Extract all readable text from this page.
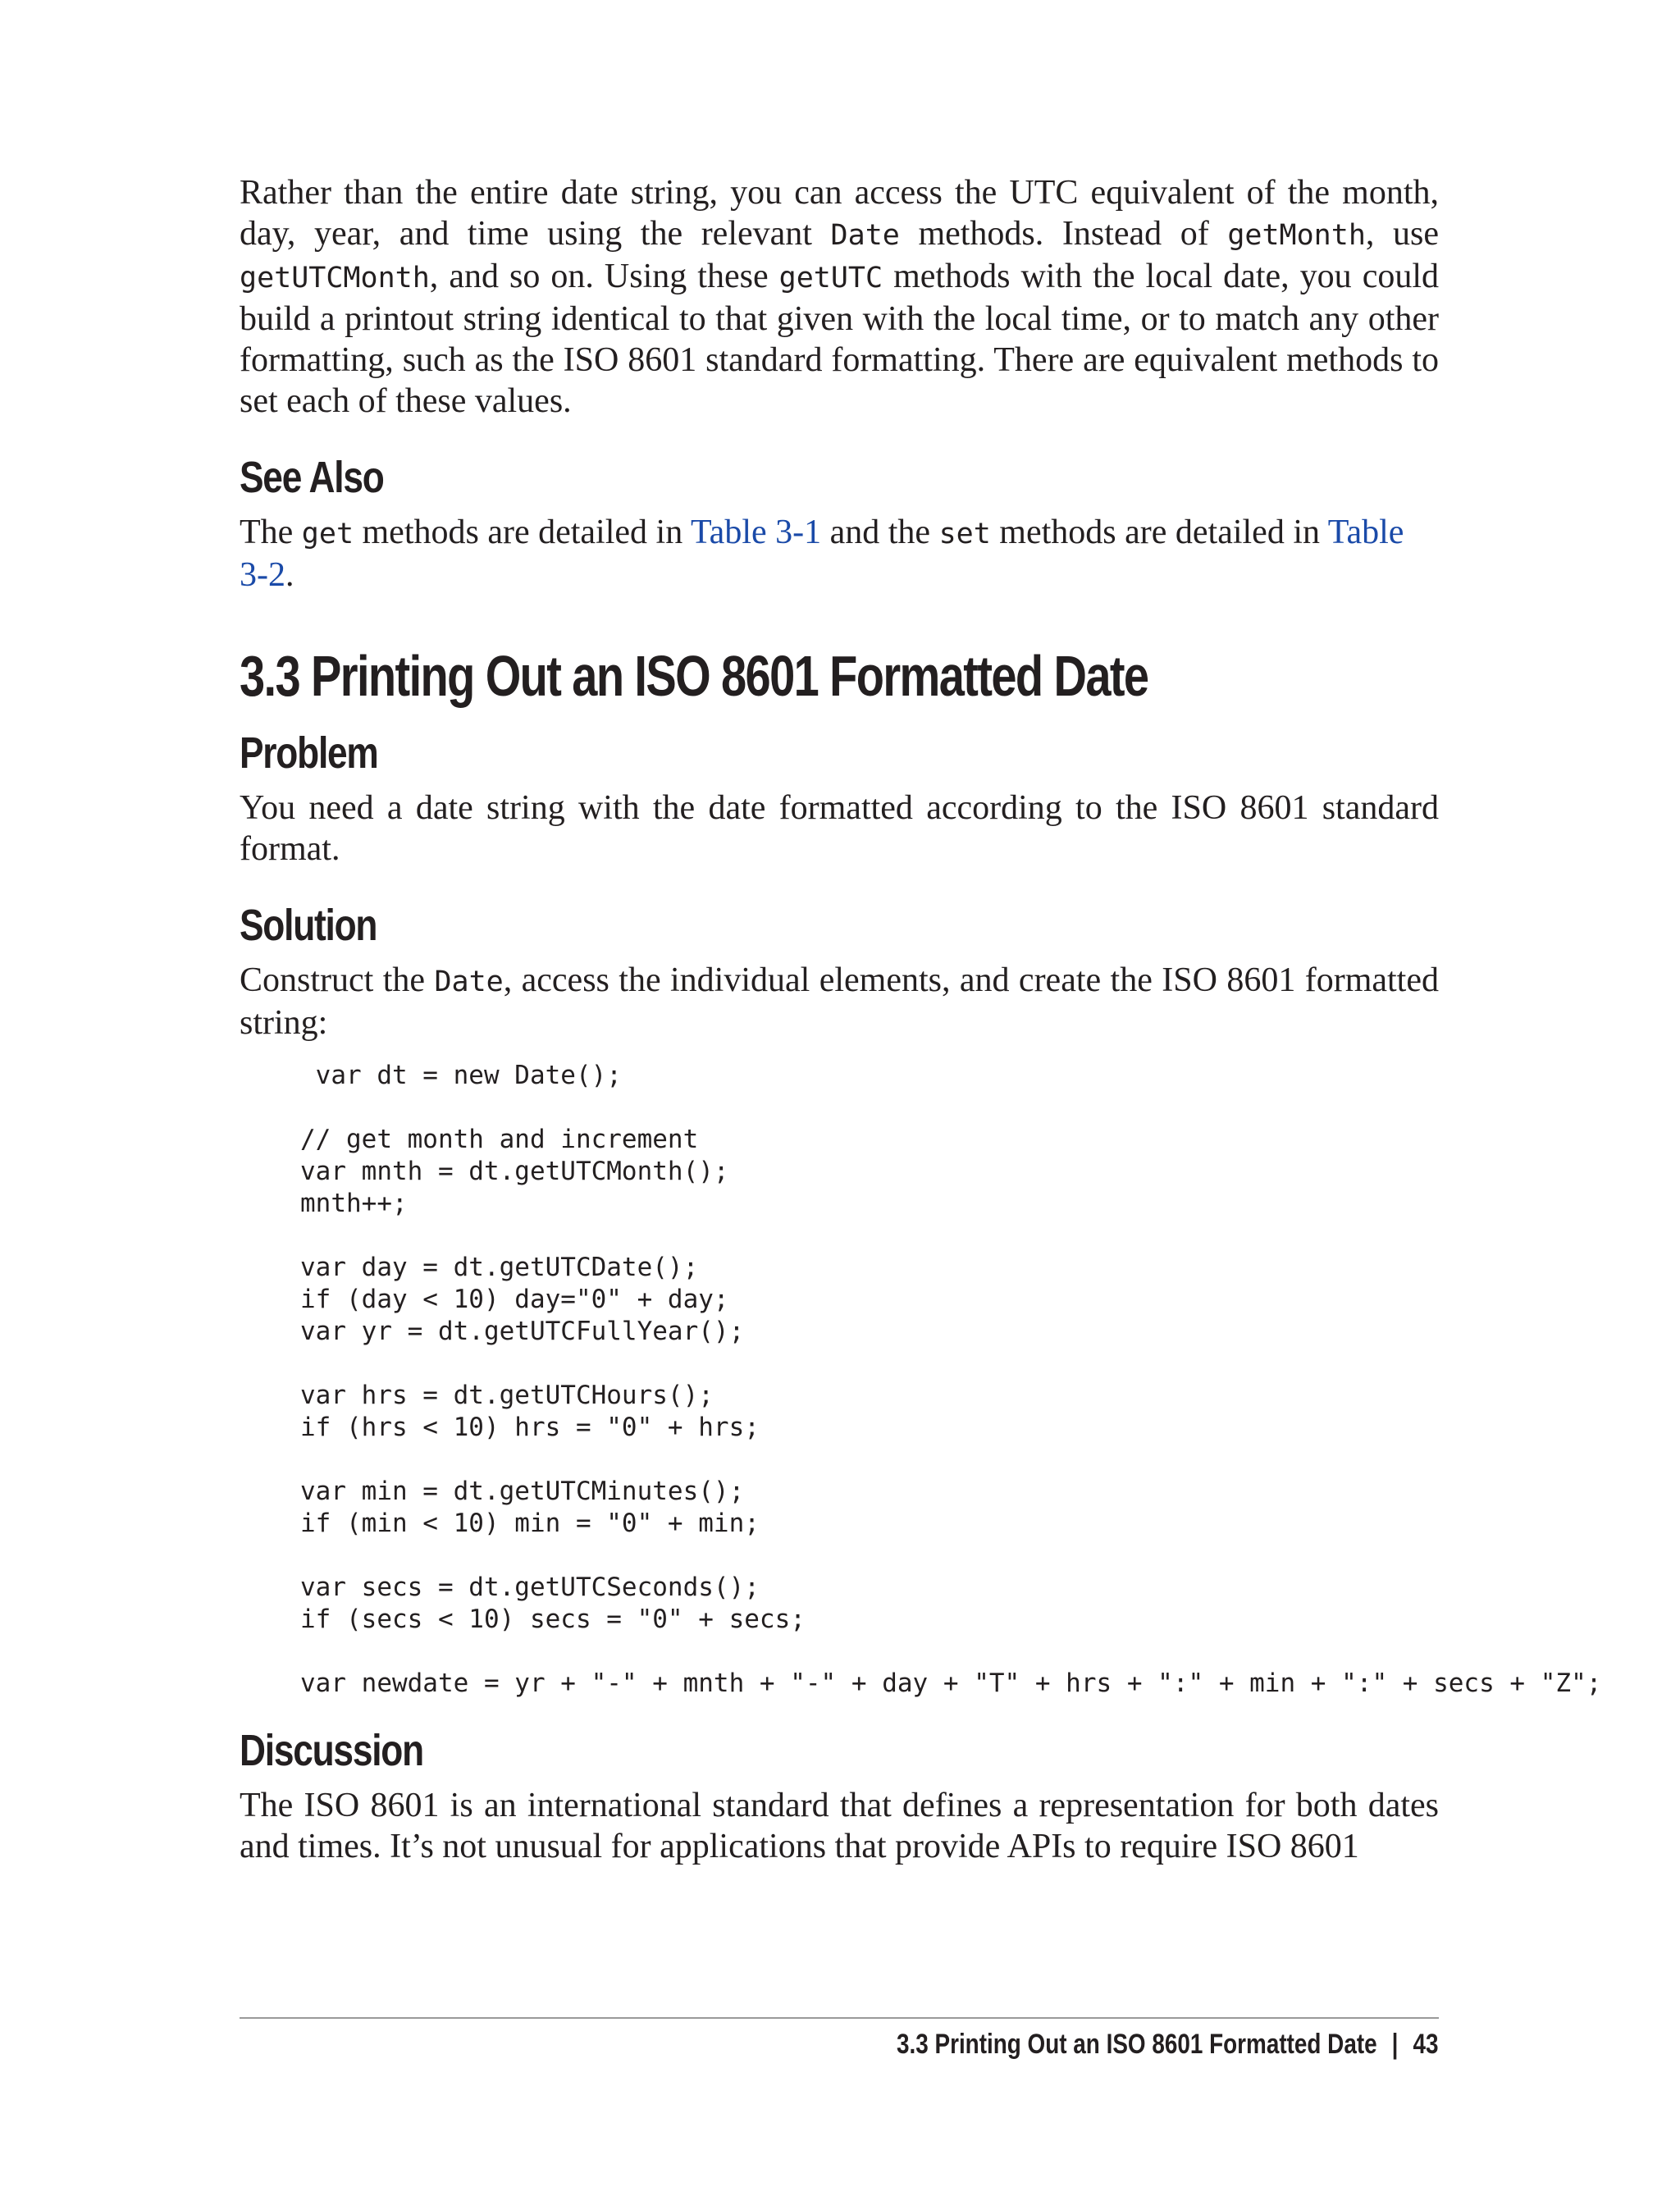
Rather than the entire date string, you can access the UTC equivalent of the month, day, year, and time using the relevant Date methods. Instead of getMonth, use getUTCMonth, and so on. Using these getUTC methods with the local date, you could build a printout string identical to that given with the local time, or to match any other formatting, such as the ISO 8601 standard formatting. There are equivalent methods to set each of these values.

See Also

The get methods are detailed in Table 3-1 and the set methods are detailed in Table 3-2.

3.3 Printing Out an ISO 8601 Formatted Date
Problem

You need a date string with the date formatted according to the ISO 8601 standard format.

Solution

Construct the Date, access the individual elements, and create the ISO 8601 formatted string:

var dt = new Date();

// get month and increment
var mnth = dt.getUTCMonth();
mnth++;

var day = dt.getUTCDate();
if (day < 10) day="0" + day;
var yr = dt.getUTCFullYear();

var hrs = dt.getUTCHours();
if (hrs < 10) hrs = "0" + hrs;

var min = dt.getUTCMinutes();
if (min < 10) min = "0" + min;

var secs = dt.getUTCSeconds();
if (secs < 10) secs = "0" + secs;

var newdate = yr + "-" + mnth + "-" + day + "T" + hrs + ":" + min + ":" + secs + "Z";
Discussion

The ISO 8601 is an international standard that defines a representation for both dates and times. It’s not unusual for applications that provide APIs to require ISO 8601

3.3 Printing Out an ISO 8601 Formatted Date | 43
